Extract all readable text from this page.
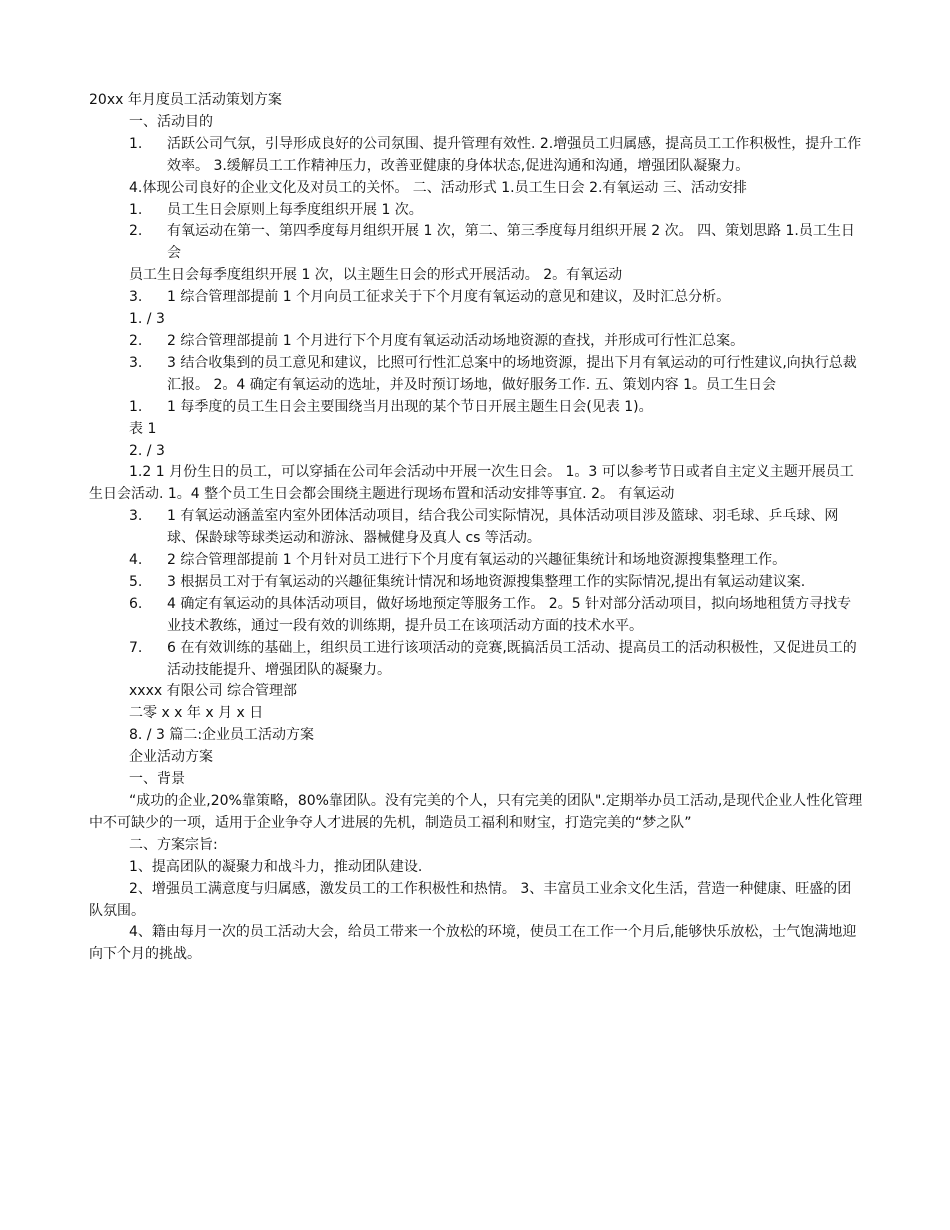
20xx 年月度员工活动策划方案
一、活动目的
1.	活跃公司气氛，引导形成良好的公司氛围、提升管理有效性. 2.增强员工归属感，提高员工工作积极性，提升工作效率。 3.缓解员工工作精神压力，改善亚健康的身体状态,促进沟通和沟通，增强团队凝聚力。
4.体现公司良好的企业文化及对员工的关怀。 二、活动形式 1.员工生日会 2.有氧运动 三、活动安排
1.	员工生日会原则上每季度组织开展 1 次。
2.	有氧运动在第一、第四季度每月组织开展 1 次，第二、第三季度每月组织开展 2 次。 四、策划思路 1.员工生日会
员工生日会每季度组织开展 1 次，以主题生日会的形式开展活动。 2。有氧运动
3.	1 综合管理部提前 1 个月向员工征求关于下个月度有氧运动的意见和建议，及时汇总分析。
1. / 3
2.	2 综合管理部提前 1 个月进行下个月度有氧运动活动场地资源的查找，并形成可行性汇总案。
3.	3 结合收集到的员工意见和建议，比照可行性汇总案中的场地资源，提出下月有氧运动的可行性建议,向执行总裁汇报。 2。4 确定有氧运动的选址，并及时预订场地，做好服务工作. 五、策划内容 1。员工生日会
1.	1 每季度的员工生日会主要围绕当月出现的某个节日开展主题生日会(见表 1)。
表 1
2. / 3
1.2 1 月份生日的员工，可以穿插在公司年会活动中开展一次生日会。 1。3 可以参考节日或者自主定义主题开展员工生日会活动. 1。4 整个员工生日会都会围绕主题进行现场布置和活动安排等事宜. 2。 有氧运动
3.	1 有氧运动涵盖室内室外团体活动项目，结合我公司实际情况，具体活动项目涉及篮球、羽毛球、乒乓球、网球、保龄球等球类运动和游泳、器械健身及真人 cs 等活动。
4.	2 综合管理部提前 1 个月针对员工进行下个月度有氧运动的兴趣征集统计和场地资源搜集整理工作。
5.	3 根据员工对于有氧运动的兴趣征集统计情况和场地资源搜集整理工作的实际情况,提出有氧运动建议案.
6.	4 确定有氧运动的具体活动项目，做好场地预定等服务工作。 2。5 针对部分活动项目，拟向场地租赁方寻找专业技术教练，通过一段有效的训练期，提升员工在该项活动方面的技术水平。
7.	6 在有效训练的基础上，组织员工进行该项活动的竞赛,既搞活员工活动、提高员工的活动积极性，又促进员工的活动技能提升、增强团队的凝聚力。
xxxx 有限公司 综合管理部
二零 x x 年 x 月 x 日
8. / 3 篇二:企业员工活动方案
企业活动方案
一、背景
“成功的企业,20%靠策略，80%靠团队。没有完美的个人，只有完美的团队".定期举办员工活动,是现代企业人性化管理中不可缺少的一项，适用于企业争夺人才进展的先机，制造员工福利和财宝，打造完美的“梦之队”
二、方案宗旨:
1、提高团队的凝聚力和战斗力，推动团队建设.
2、增强员工满意度与归属感，激发员工的工作积极性和热情。 3、丰富员工业余文化生活，营造一种健康、旺盛的团队氛围。
4、籍由每月一次的员工活动大会，给员工带来一个放松的环境，使员工在工作一个月后,能够快乐放松，士气饱满地迎向下个月的挑战。
